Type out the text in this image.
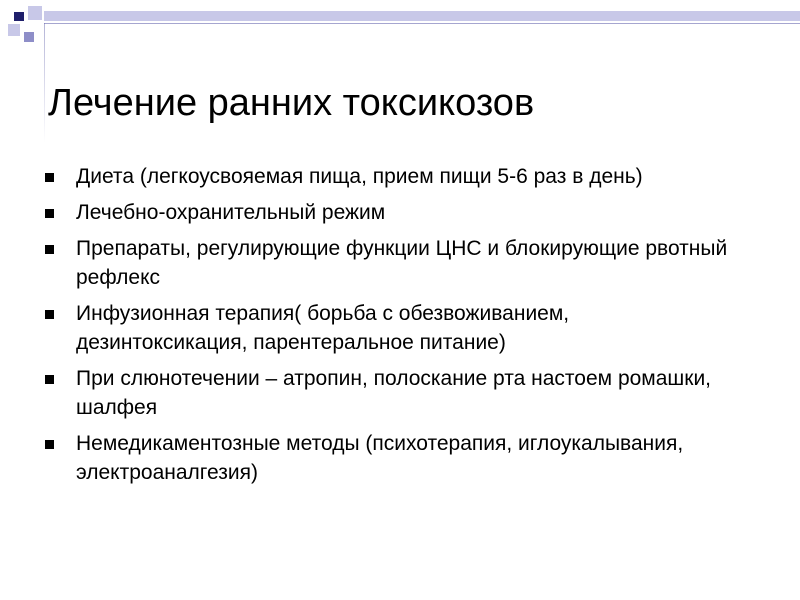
Лечение ранних токсикозов
Диета (легкоусвояемая пища, прием пищи 5-6 раз в день)
Лечебно-охранительный режим
Препараты, регулирующие функции ЦНС и блокирующие рвотный рефлекс
Инфузионная терапия( борьба с обезвоживанием, дезинтоксикация, парентеральное питание)
При слюнотечении – атропин, полоскание рта настоем ромашки, шалфея
Немедикаментозные методы (психотерапия, иглоукалывания, электроаналгезия)
